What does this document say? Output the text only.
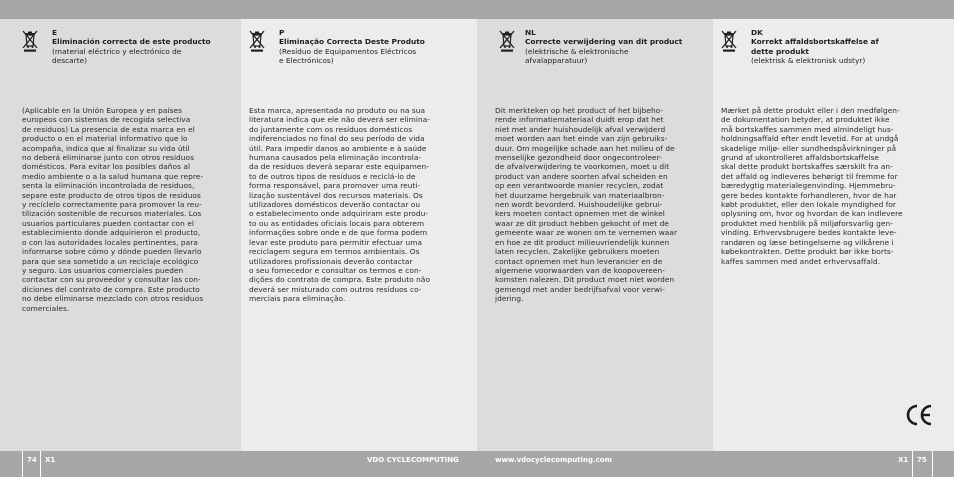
E
Eliminación correcta de este producto
(material eléctrico y electrónico de
descarte)
(Aplicable en la Unión Europea y en países
europeos con sistemas de recogida selectiva
de residuos) La presencia de esta marca en el
producto o en el material informativo que lo
acompaña, indica que al finalizar su vida útil
no deberá eliminarse junto con otros residuos
domésticos. Para evitar los posibles daños al
medio ambiente o a la salud humana que repre-
senta la eliminación incontrolada de residuos,
separe este producto de otros tipos de residuos
y recíclelo correctamente para promover la reu-
tilización sostenible de recursos materiales. Los
usuarios particulares pueden contactar con el
establecimiento donde adquirieron el producto,
o con las autoridades locales pertinentes, para
informarse sobre cómo y dónde pueden llevarlo
para que sea sometido a un reciclaje ecológico
y seguro. Los usuarios comerciales pueden
contactar con su proveedor y consultar las con-
diciones del contrato de compra. Este producto
no debe eliminarse mezclado con otros residuos
comerciales.
P
Eliminação Correcta Deste Produto
(Resíduo de Equipamentos Eléctricos
e Electrónicos)
Esta marca, apresentada no produto ou na sua
literatura indica que ele não deverá ser elimina-
do juntamente com os resíduos domésticos
indiferenciados no final do seu período de vida
útil. Para impedir danos ao ambiente e à saúde
humana causados pela eliminação incontrola-
da de resíduos deverá separar este equipamen-
to de outros tipos de resíduos e reciclá-lo de
forma responsável, para promover uma reuti-
lização sustentável dos recursos materiais. Os
utilizadores domésticos deverão contactar ou
o estabelecimento onde adquiriram este produ-
to ou as entidades oficiais locais para obterem
informações sobre onde e de que forma podem
levar este produto para permitir efectuar uma
reciclagem segura em termos ambientais. Os
utilizadores profissionais deverão contactar
o seu fornecedor e consultar os termos e con-
dições do contrato de compra. Este produto não
deverá ser misturado com outros resíduos co-
merciais para eliminação.
NL
Correcte verwijdering van dit product
(elektrische & elektronische
afvalapparatuur)
Dit merkteken op het product of het bijbeho-
rende informatiemateriaal duidt erop dat het
niet met ander huishoudelijk afval verwijderd
moet worden aan het einde van zijn gebruiks-
duur. Om mogelijke schade aan het milieu of de
menselijke gezondheid door ongecontroleer-
de afvalverwijdering te voorkomen, moet u dit
product van andere soorten afval scheiden en
op een verantwoorde manier recyclen, zodat
het duurzame hergebruik van materiaalbron-
nen wordt bevorderd. Huishoudelijke gebrui-
kers moeten contact opnemen met de winkel
waar ze dit product hebben gekocht of met de
gemeente waar ze wonen om te vernemen waar
en hoe ze dit product milieuvriendelijk kunnen
laten recyclen. Zakelijke gebruikers moeten
contact opnemen met hun leverancier en de
algemene voorwaarden van de koopovereen-
komsten nalezen. Dit product moet niet worden
gemengd met ander bedrijfsafval voor verwi-
jdering.
DK
Korrekt affaldsbortskaffelse af
dette produkt
(elektrisk & elektronisk udstyr)
Mærket på dette produkt eller i den medfølgen-
de dokumentation betyder, at produktet ikke
må bortskaffes sammen med almindeligt hus-
holdningsaffald efter endt levetid. For at undgå
skadelige miljø- eller sundhedspåvirkninger på
grund af ukontrolleret affaldsbortskaffelse
skal dette produkt bortskaffes særskilt fra an-
det affald og indleveres behørigt til fremme for
bæredygtig materialegenvinding. Hjemmebru-
gere bedes kontakte forhandleren, hvor de har
købt produktet, eller den lokale myndighed for
oplysning om, hvor og hvordan de kan indlevere
produktet med henblik på miljøforsvarlig gen-
vinding. Erhvervsbrugere bedes kontakte leve-
randøren og læse betingelserne og vilkårene i
købekontrakten. Dette produkt bør ikke borts-
kaffes sammen med andet erhvervsaffald.
74 X1	VDO CYCLECOMPUTING	www.vdocyclecomputing.com	X1 75
